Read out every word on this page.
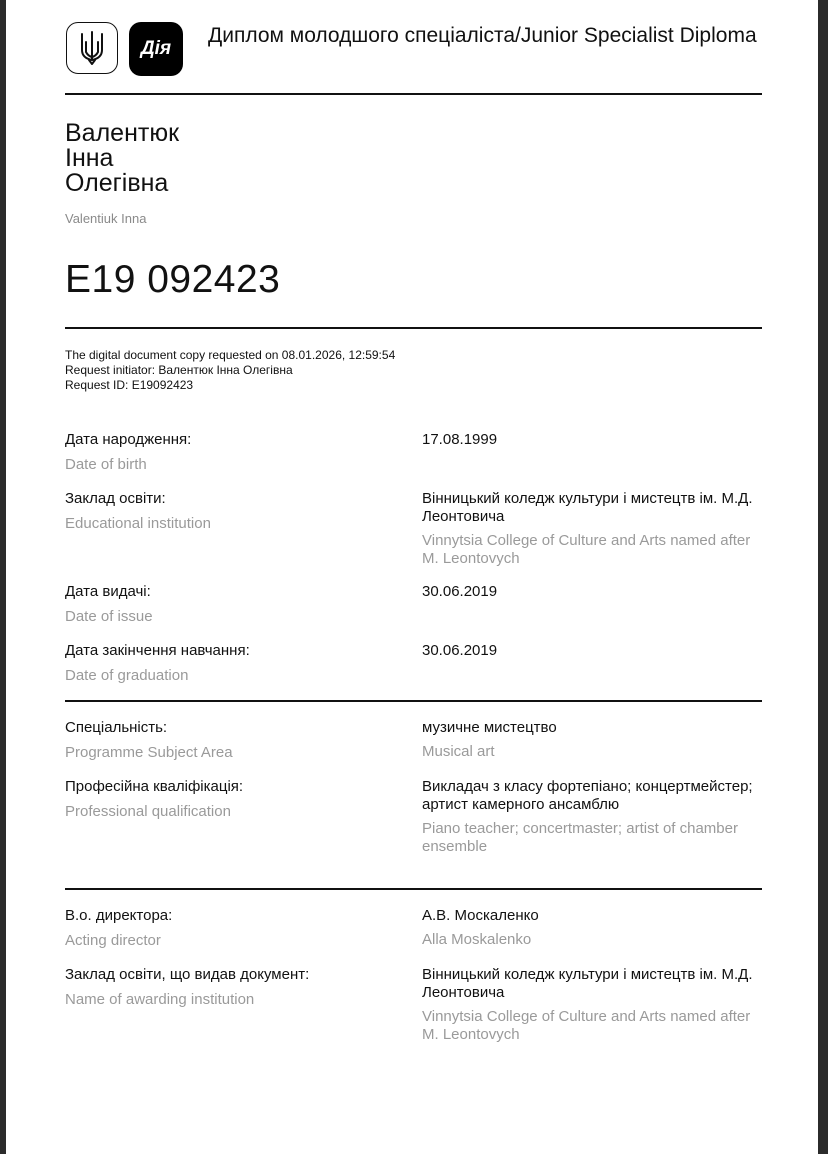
Дія
Диплом молодшого спеціаліста/Junior Specialist Diploma
Валентюк
Інна
Олегівна
Valentiuk Inna
E19 092423
The digital document copy requested on 08.01.2026, 12:59:54
Request initiator: Валентюк Інна Олегівна
Request ID: E19092423
Дата народження:
Date of birth
17.08.1999
Заклад освіти:
Educational institution
Вінницький коледж культури і мистецтв ім. М.Д. Леонтовича
Vinnytsia College of Culture and Arts named after M. Leontovych
Дата видачі:
Date of issue
30.06.2019
Дата закінчення навчання:
Date of graduation
30.06.2019
Спеціальність:
Programme Subject Area
музичне мистецтво
Musical art
Професійна кваліфікація:
Professional qualification
Викладач з класу фортепіано; концертмейстер; артист камерного ансамблю
Piano teacher; concertmaster; artist of chamber ensemble
В.о. директора:
Acting director
А.В. Москаленко
Alla Moskalenko
Заклад освіти, що видав документ:
Name of awarding institution
Вінницький коледж культури і мистецтв ім. М.Д. Леонтовича
Vinnytsia College of Culture and Arts named after M. Leontovych
